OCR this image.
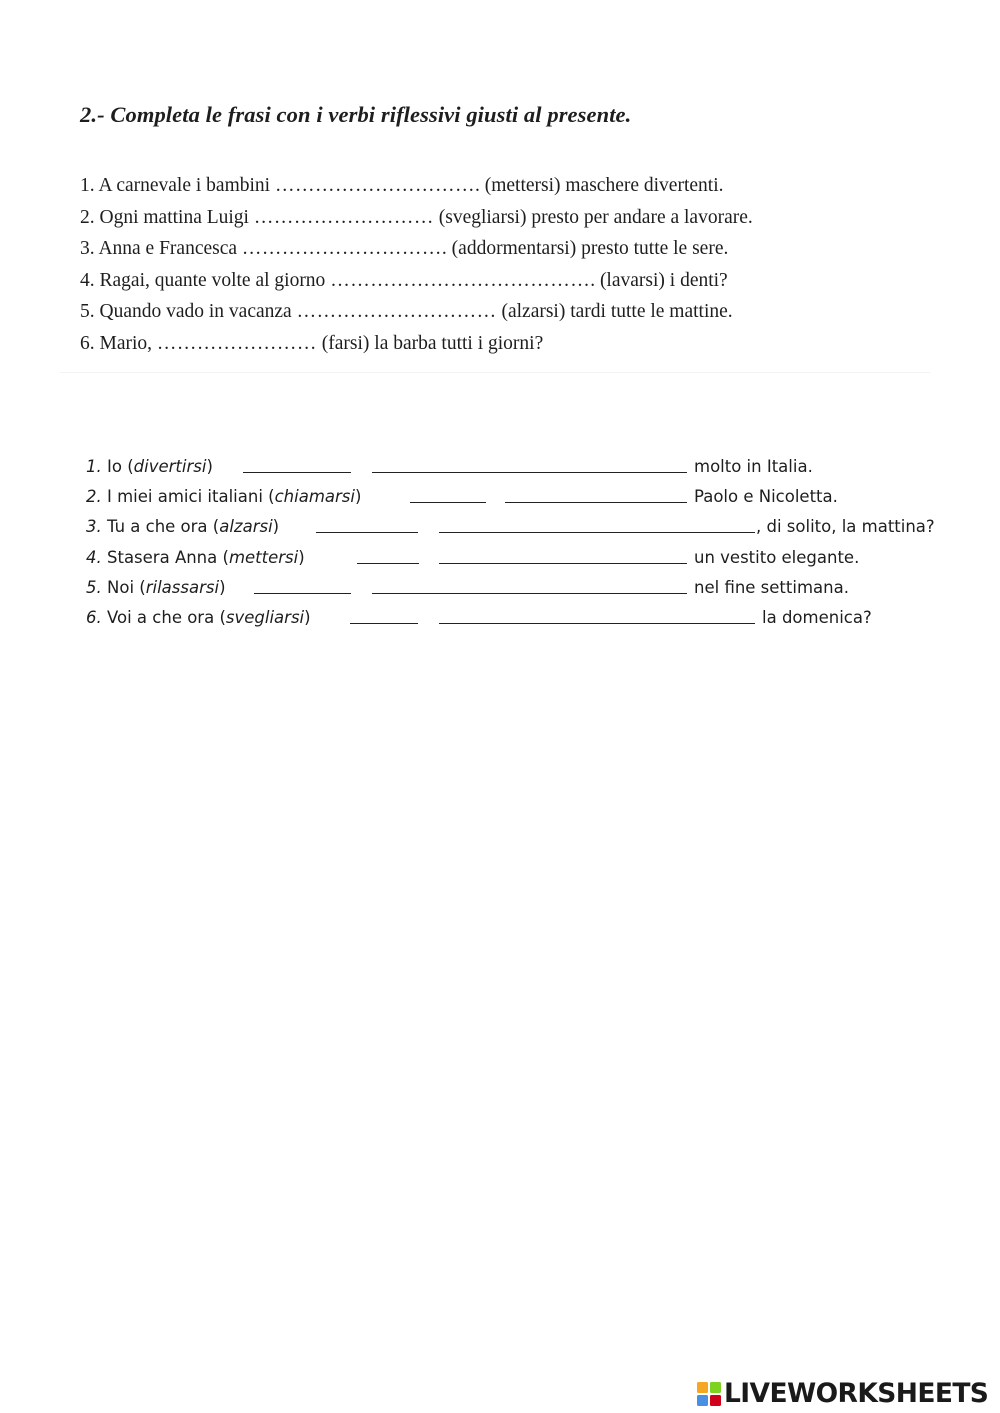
2.- Completa le frasi con i verbi riflessivi giusti al presente.
1. A carnevale i bambini …………………………. (mettersi) maschere divertenti.
2. Ogni mattina Luigi ……………………… (svegliarsi) presto per andare a lavorare.
3. Anna e Francesca …………………………. (addormentarsi) presto tutte le sere.
4. Ragai, quante volte al giorno …………………………………. (lavarsi) i denti?
5. Quando vado in vacanza ………………………… (alzarsi) tardi tutte le mattine.
6. Mario, …………………… (farsi) la barba tutti i giorni?
1. Io (divertirsi)	molto in Italia.
2. I miei amici italiani (chiamarsi)	Paolo e Nicoletta.
3. Tu a che ora (alzarsi)	, di solito, la mattina?
4. Stasera Anna (mettersi)	un vestito elegante.
5. Noi (rilassarsi)	nel fine settimana.
6. Voi a che ora (svegliarsi)	la domenica?
LIVEWORKSHEETS
